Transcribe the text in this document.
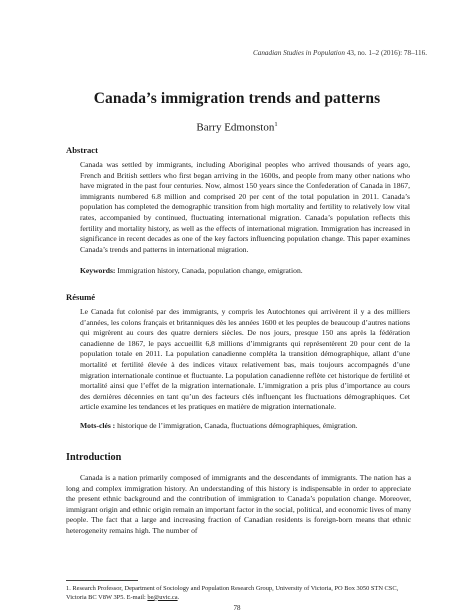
Canadian Studies in Population 43, no. 1–2 (2016): 78–116.
Canada’s immigration trends and patterns
Barry Edmonston$^1$
Abstract

Canada was settled by immigrants, including Aboriginal peoples who arrived thousands of years ago, French and British settlers who first began arriving in the 1600s, and people from many other nations who have migrated in the past four centuries. Now, almost 150 years since the Confederation of Canada in 1867, immigrants numbered 6.8 million and comprised 20 per cent of the total population in 2011. Canada’s population has completed the demographic transition from high mortality and fertility to relatively low vital rates, accompanied by continued, fluctuating international migration. Canada’s population reflects this fertility and mortality history, as well as the effects of international migration. Immigration has increased in significance in recent decades as one of the key factors influencing population change. This paper examines Canada’s trends and patterns in international migration.

Keywords: Immigration history, Canada, population change, emigration.

Résumé

Le Canada fut colonisé par des immigrants, y compris les Autochtones qui arrivèrent il y a des milliers d’années, les colons français et britanniques dès les années 1600 et les peuples de beaucoup d’autres nations qui migrèrent au cours des quatre derniers siècles. De nos jours, presque 150 ans après la fédération canadienne de 1867, le pays accueillit 6,8 millions d’immigrants qui représentèrent 20 pour cent de la population totale en 2011. La population canadienne compléta la transition démographique, allant d’une mortalité et fertilité élevée à des indices vitaux relativement bas, mais toujours accompagnés d’une migration internationale continue et fluctuante. La population canadienne reflète cet historique de fertilité et mortalité ainsi que l’effet de la migration internationale. L’immigration a pris plus d’importance au cours des dernières décennies en tant qu’un des facteurs clés influençant les fluctuations démographiques. Cet article examine les tendances et les pratiques en matière de migration internationale.

Mots-clés : historique de l’immigration, Canada, fluctuations démographiques, émigration.

Introduction

Canada is a nation primarily composed of immigrants and the descendants of immigrants. The nation has a long and complex immigration history. An understanding of this history is indispensable in order to appreciate the present ethnic background and the contribution of immigration to Canada’s population change. Moreover, immigrant origin and ethnic origin remain an important factor in the social, political, and economic lives of many people. The fact that a large and increasing fraction of Canadian residents is foreign-born means that ethnic heterogeneity remains high. The number of

1. Research Professor, Department of Sociology and Population Research Group, University of Victoria, PO Box 3050 STN CSC, Victoria BC V8W 3P5. E-mail: be@uvic.ca.

78
